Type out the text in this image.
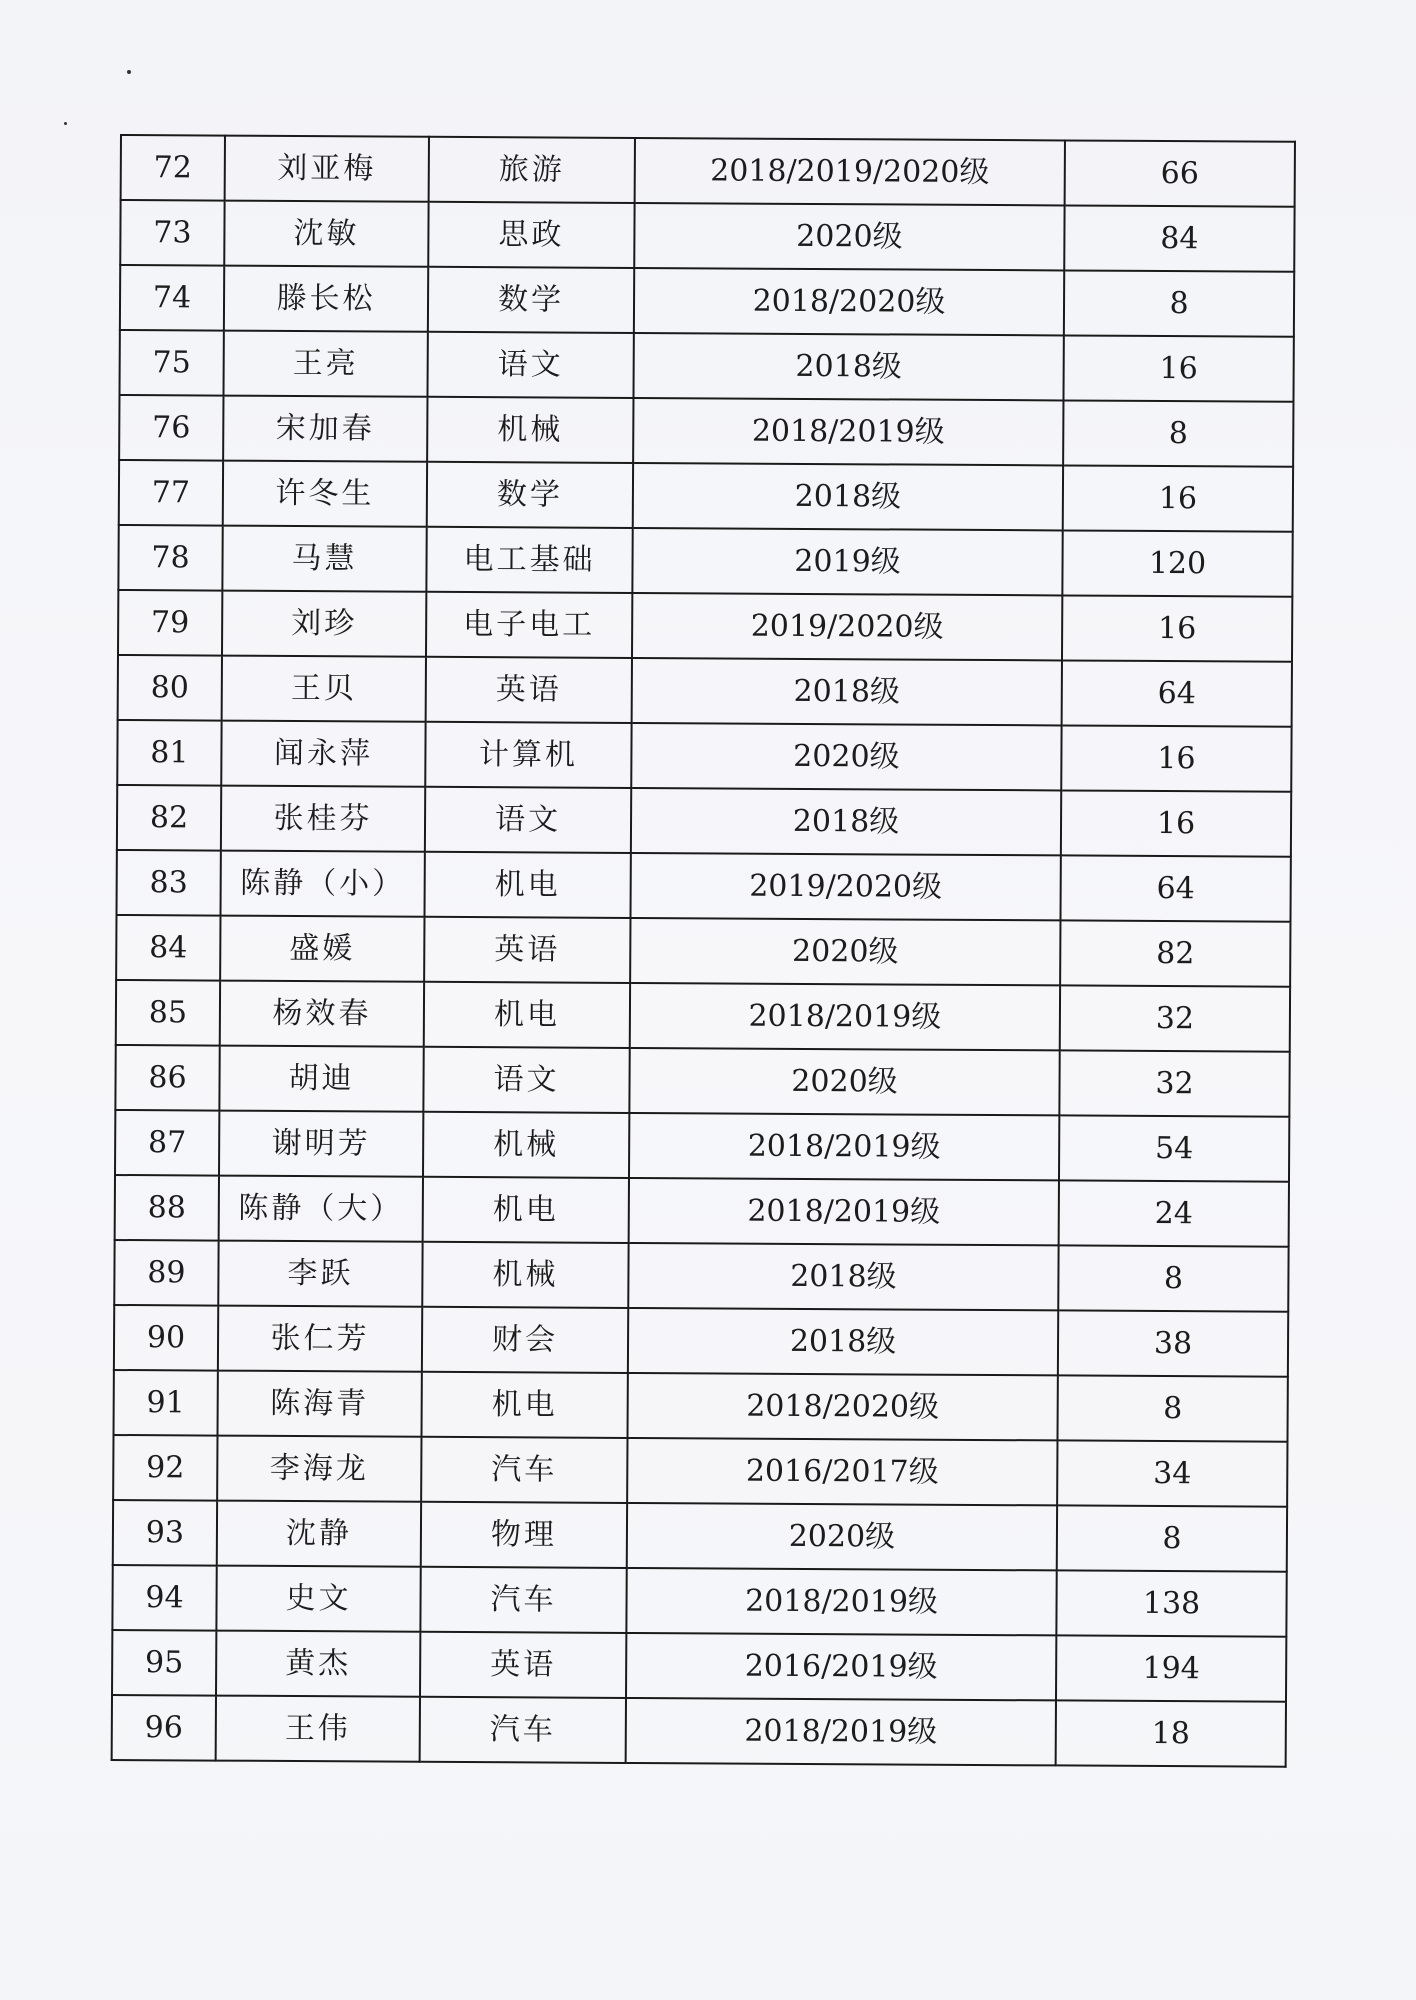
72	刘亚梅	旅游	2018/2019/2020级	66
73	沈敏	思政	2020级	84
74	滕长松	数学	2018/2020级	8
75	王亮	语文	2018级	16
76	宋加春	机械	2018/2019级	8
77	许冬生	数学	2018级	16
78	马慧	电工基础	2019级	120
79	刘珍	电子电工	2019/2020级	16
80	王贝	英语	2018级	64
81	闻永萍	计算机	2020级	16
82	张桂芬	语文	2018级	16
83	陈静（小）	机电	2019/2020级	64
84	盛媛	英语	2020级	82
85	杨效春	机电	2018/2019级	32
86	胡迪	语文	2020级	32
87	谢明芳	机械	2018/2019级	54
88	陈静（大）	机电	2018/2019级	24
89	李跃	机械	2018级	8
90	张仁芳	财会	2018级	38
91	陈海青	机电	2018/2020级	8
92	李海龙	汽车	2016/2017级	34
93	沈静	物理	2020级	8
94	史文	汽车	2018/2019级	138
95	黄杰	英语	2016/2019级	194
96	王伟	汽车	2018/2019级	18
